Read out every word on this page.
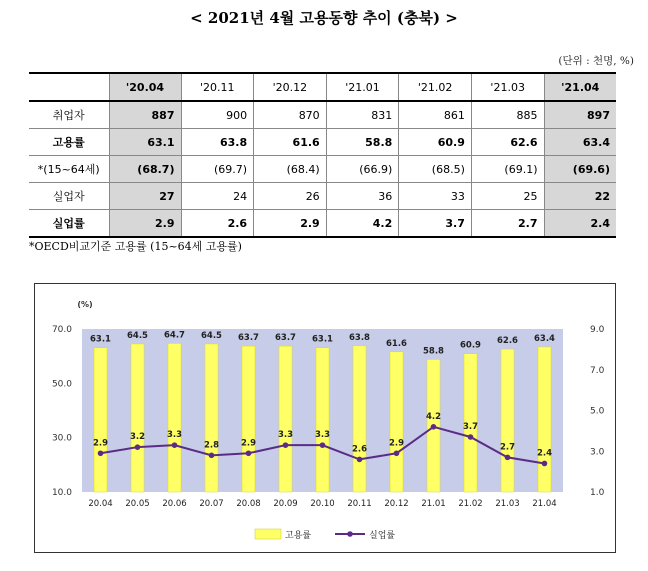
< 2021년 4월 고용동향 추이 (충북) >
(단위 : 천명, %)
	'20.04	'20.11	'20.12	'21.01	'21.02	'21.03	'21.04
취업자	887	900	870	831	861	885	897
고용률	63.1	63.8	61.6	58.8	60.9	62.6	63.4
*(15~64세)	(68.7)	(69.7)	(68.4)	(66.9)	(68.5)	(69.1)	(69.6)
실업자	27	24	26	36	33	25	22
실업률	2.9	2.6	2.9	4.2	3.7	2.7	2.4
*OECD비교기준 고용률 (15~64세 고용률)
70.0
50.0
30.0
10.0
(%)
9.0
7.0
5.0
3.0
1.0
63.1
20.04
64.5
20.05
64.7
20.06
64.5
20.07
63.7
20.08
63.7
20.09
63.1
20.10
63.8
20.11
61.6
20.12
58.8
21.01
60.9
21.02
62.6
21.03
63.4
21.04
2.9
3.2	3.3
2.8	2.9
3.3	3.3
2.6
2.9
4.2
3.7
2.7
2.4
고용률	실업률
